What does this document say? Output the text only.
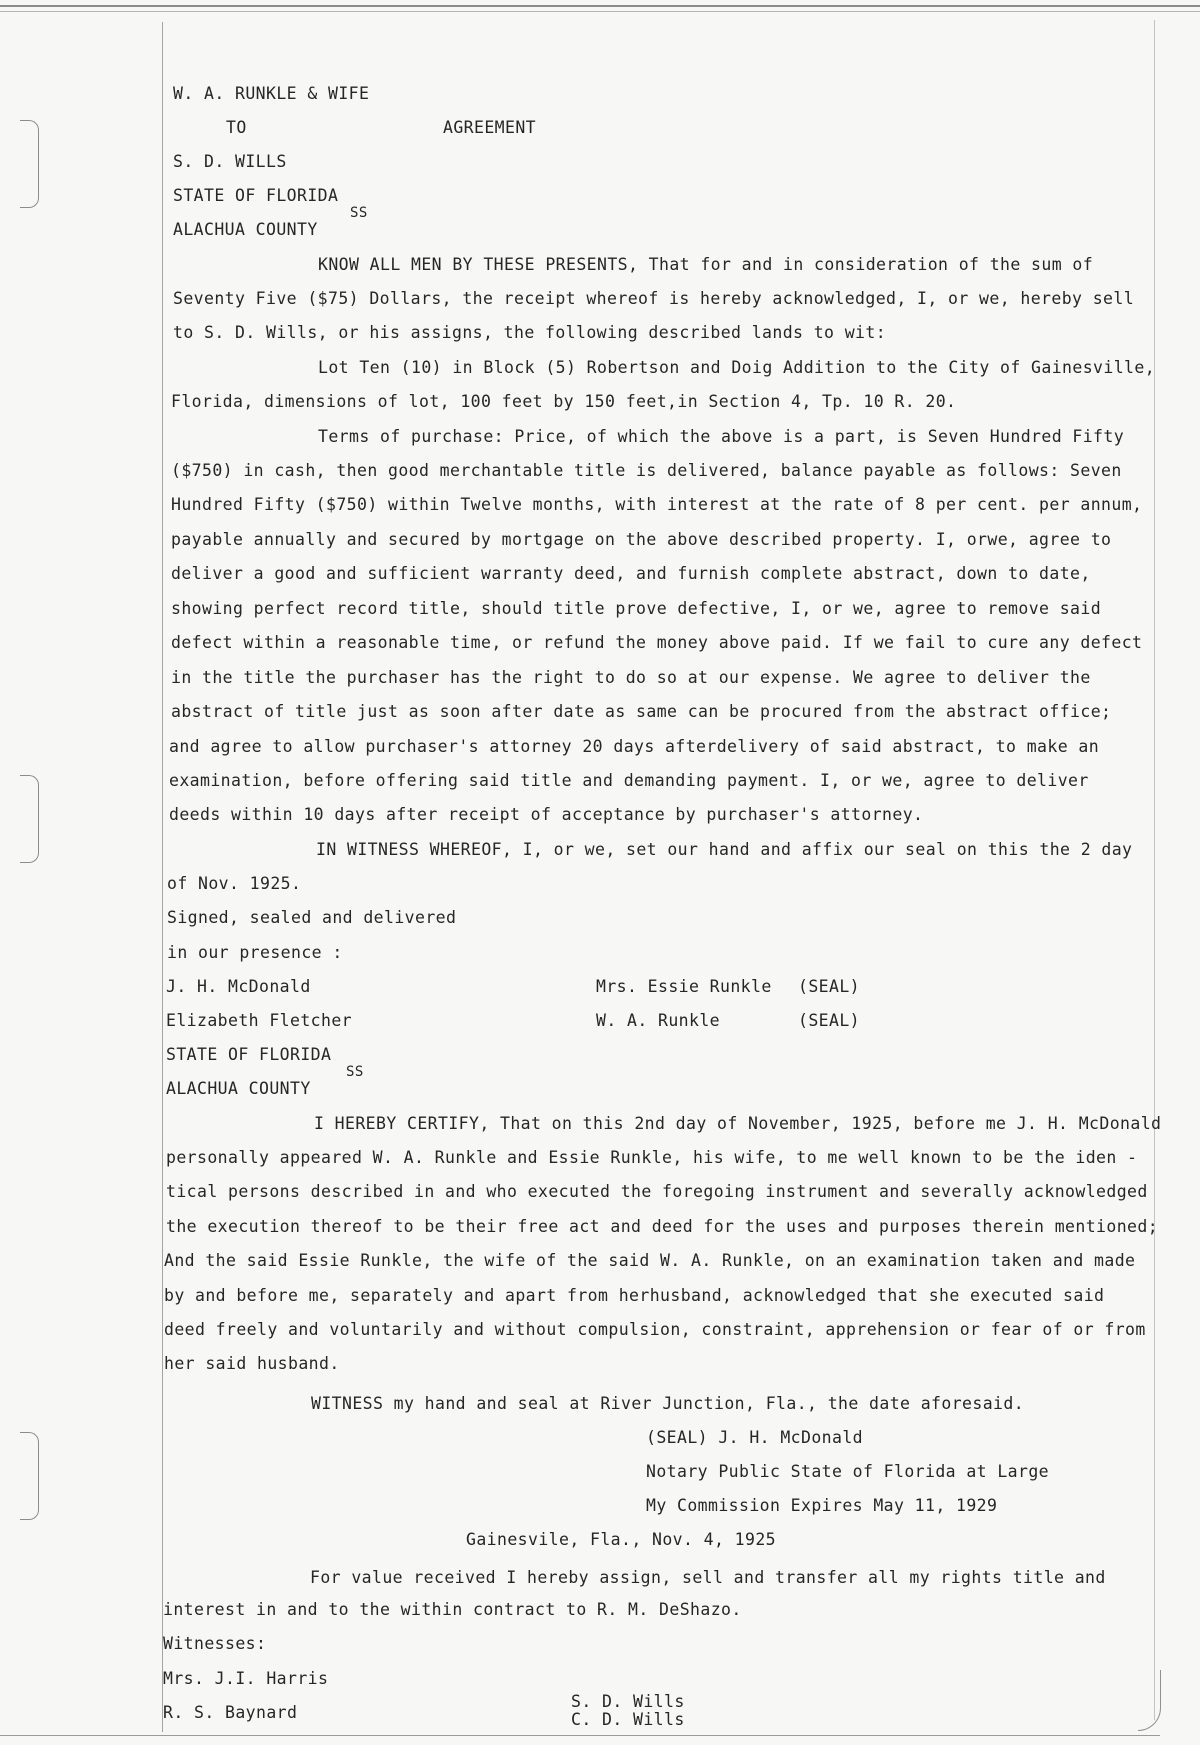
W. A. RUNKLE & WIFE
TO	AGREEMENT
S. D. WILLS
STATE OF FLORIDA
SS
ALACHUA COUNTY
KNOW ALL MEN BY THESE PRESENTS, That for and in consideration of the sum of
Seventy Five ($75) Dollars, the receipt whereof is hereby acknowledged, I, or we, hereby sell
to S. D. Wills, or his assigns, the following described lands to wit:
Lot Ten (10) in Block (5) Robertson and Doig Addition to the City of Gainesville,
Florida, dimensions of lot, 100 feet by 150 feet,in Section 4, Tp. 10 R. 20.
Terms of purchase: Price, of which the above is a part, is Seven Hundred Fifty
($750) in cash, then good merchantable title is delivered, balance payable as follows: Seven
Hundred Fifty ($750) within Twelve months, with interest at the rate of 8 per cent. per annum,
payable annually and secured by mortgage on the above described property. I, orwe, agree to
deliver a good and sufficient warranty deed, and furnish complete abstract, down to date,
showing perfect record title, should title prove defective, I, or we, agree to remove said
defect within a reasonable time, or refund the money above paid. If we fail to cure any defect
in the title the purchaser has the right to do so at our expense. We agree to deliver the
abstract of title just as soon after date as same can be procured from the abstract office;
and agree to allow purchaser's attorney 20 days afterdelivery of said abstract, to make an
examination, before offering said title and demanding payment. I, or we, agree to deliver
deeds within 10 days after receipt of acceptance by purchaser's attorney.
IN WITNESS WHEREOF, I, or we, set our hand and affix our seal on this the 2 day
of Nov. 1925.
Signed, sealed and delivered
in our presence :
J. H. McDonald	Mrs. Essie Runkle (SEAL)
Elizabeth Fletcher	W. A. Runkle	(SEAL)
STATE OF FLORIDA
SS
ALACHUA COUNTY
I HEREBY CERTIFY, That on this 2nd day of November, 1925, before me J. H. McDonald
personally appeared W. A. Runkle and Essie Runkle, his wife, to me well known to be the iden -
tical persons described in and who executed the foregoing instrument and severally acknowledged
the execution thereof to be their free act and deed for the uses and purposes therein mentioned;
And the said Essie Runkle, the wife of the said W. A. Runkle, on an examination taken and made
by and before me, separately and apart from herhusband, acknowledged that she executed said
deed freely and voluntarily and without compulsion, constraint, apprehension or fear of or from
her said husband.
WITNESS my hand and seal at River Junction, Fla., the date aforesaid.
(SEAL) J. H. McDonald
Notary Public State of Florida at Large
My Commission Expires May 11, 1929
Gainesvile, Fla., Nov. 4, 1925
For value received I hereby assign, sell and transfer all my rights title and
interest in and to the within contract to R. M. DeShazo.
Witnesses:
Mrs. J.I. Harris
R. S. Baynard
S. D. Wills
C. D. Wills
